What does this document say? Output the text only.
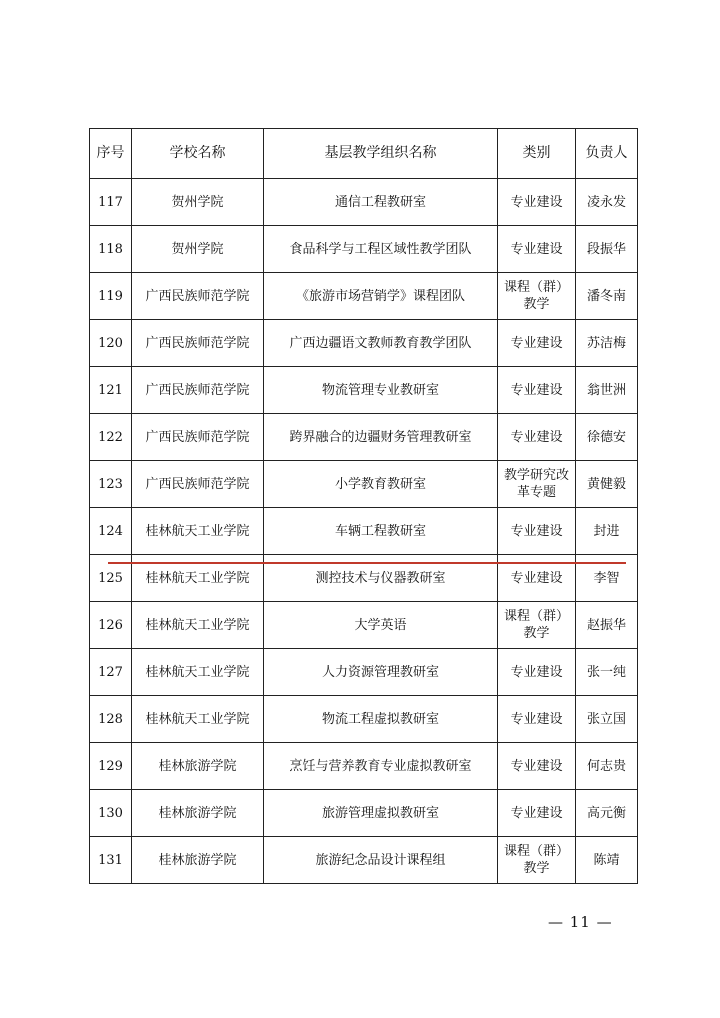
序号	学校名称	基层教学组织名称	类别	负责人
117	贺州学院	通信工程教研室	专业建设	凌永发
118	贺州学院	食品科学与工程区域性教学团队	专业建设	段振华
119	广西民族师范学院	《旅游市场营销学》课程团队	课程（群）教学	潘冬南
120	广西民族师范学院	广西边疆语文教师教育教学团队	专业建设	苏洁梅
121	广西民族师范学院	物流管理专业教研室	专业建设	翁世洲
122	广西民族师范学院	跨界融合的边疆财务管理教研室	专业建设	徐德安
123	广西民族师范学院	小学教育教研室	教学研究改革专题	黄健毅
124	桂林航天工业学院	车辆工程教研室	专业建设	封进
125	桂林航天工业学院	测控技术与仪器教研室	专业建设	李智
126	桂林航天工业学院	大学英语	课程（群）教学	赵振华
127	桂林航天工业学院	人力资源管理教研室	专业建设	张一纯
128	桂林航天工业学院	物流工程虚拟教研室	专业建设	张立国
129	桂林旅游学院	烹饪与营养教育专业虚拟教研室	专业建设	何志贵
130	桂林旅游学院	旅游管理虚拟教研室	专业建设	高元衡
131	桂林旅游学院	旅游纪念品设计课程组	课程（群）教学	陈靖
— 11 —
